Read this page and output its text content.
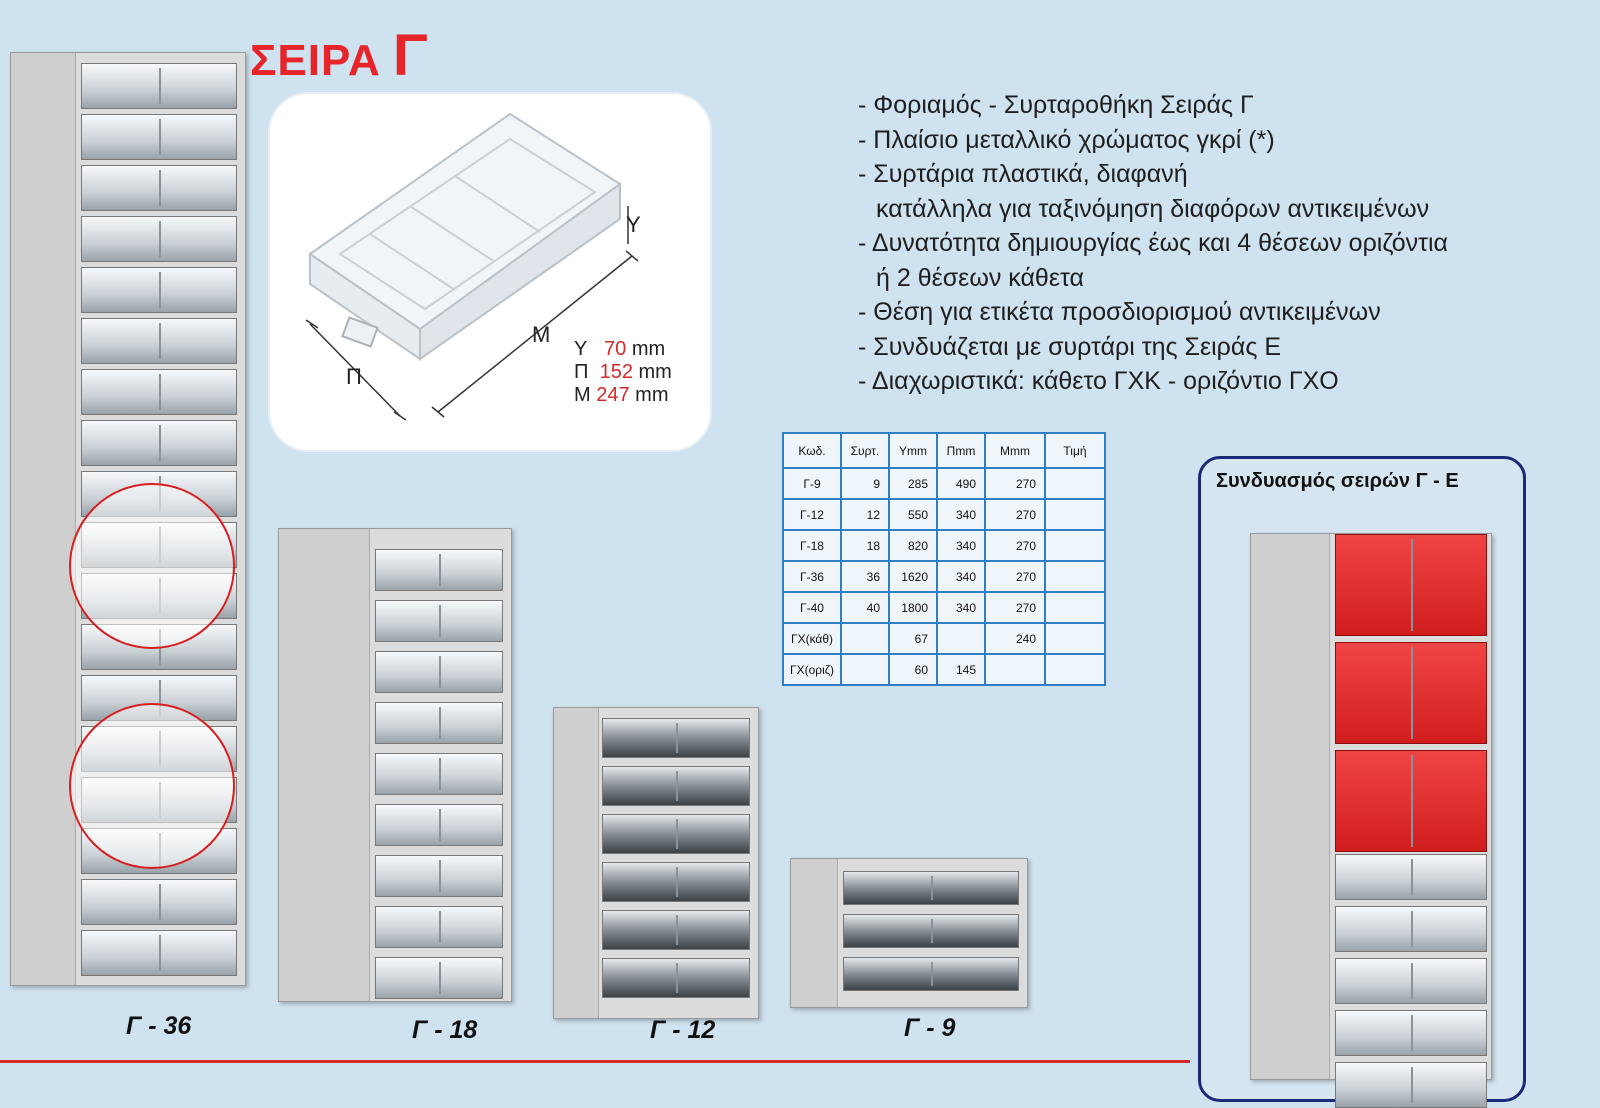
ΣΕΙΡΑ Γ
Υ
Π
Μ
Υ 70 mm
Π 152 mm
Μ 247 mm
- Φοριαμός - Συρταροθήκη Σειράς Γ
- Πλαίσιο μεταλλικό χρώματος γκρί (*)
- Συρτάρια πλαστικά, διαφανή
κατάλληλα για ταξινόμηση διαφόρων αντικειμένων
- Δυνατότητα δημιουργίας έως και 4 θέσεων οριζόντια
ή 2 θέσεων κάθετα
- Θέση για ετικέτα προσδιορισμού αντικειμένων
- Συνδυάζεται με συρτάρι της Σειράς Ε
- Διαχωριστικά: κάθετο ΓΧΚ - οριζόντιο ΓΧΟ
Κωδ.	Συρτ.	Υmm	Πmm	Μmm	Τιμή
Γ-9	9	285	490	270	
Γ-12	12	550	340	270	
Γ-18	18	820	340	270	
Γ-36	36	1620	340	270	
Γ-40	40	1800	340	270	
ΓΧ(κάθ)		67		240	
ΓΧ(οριζ)		60	145		
Γ - 36	Γ - 18	Γ - 12	Γ - 9
Συνδυασμός σειρών Γ - Ε
